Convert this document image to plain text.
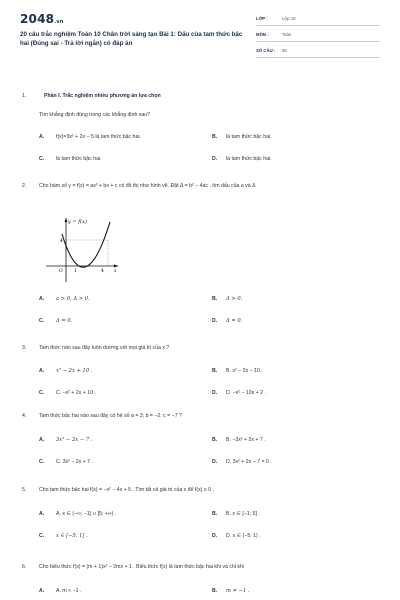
2048.vn
20 câu trắc nghiệm Toán 10 Chân trời sáng tạo Bài 1: Dấu của tam thức bậc hai (Đúng sai - Trả lời ngắn) có đáp án
LỚP :	Lớp 10
MÔN :	Toán
SỐ CÂU : 36
1.	Phần I. Trắc nghiệm nhiều phương án lựa chọn
Tìm khẳng định đúng trong các khẳng định sau?
A. f(x)=3x² + 2x − 5 là tam thức bậc hai.	B. là tam thức bậc hai.
C. là tam thức bậc hai.	D. là tam thức bậc hai.
2. Cho hàm số y = f(x) = ax² + bx + c có đồ thị như hình vẽ. Đặt Δ = b² − 4ac , tìm dấu của a và Δ
y = f(x)
O	1
4
x
4
A. a > 0, Δ > 0.	B. Δ > 0.
C. Δ = 0.	D. Δ = 0.
3. Tam thức nào sau đây luôn dương với mọi giá trị của x ?
A. x² − 2x + 10 .	B. B. x² − 2x − 10 .
C. C. −x² + 2x + 10 .	D. D. −x² − 10x + 2 .
4. Tam thức bậc hai nào sau đây có hệ số a = 3; b = −2; c = −7 ?
A. 3x² − 2x − 7 .	B. B. −3x² + 2x + 7 .
C. C. 3x² − 2x + 7 .	D. D. 3x² + 2x − 7 = 0 .
5. Cho tam thức bậc hai f(x) = −x² − 4x + 5 . Tìm tất cả giá trị của x để f(x) ≥ 0 .
A. A. x ∈ (−∞; −1] ∪ [5; +∞) .	B. B. x ∈ [−1; 5] .
C. x ∈ [−5; 1] .	D. D. x ∈ (−5; 1) .
6. Cho biểu thức f(x) = (m + 1)x² − 2mx + 1 . Biểu thức f(x) là tam thức bậc hai khi và chỉ khi
A. A. m < −1 .	B. m ≠ −1 .
